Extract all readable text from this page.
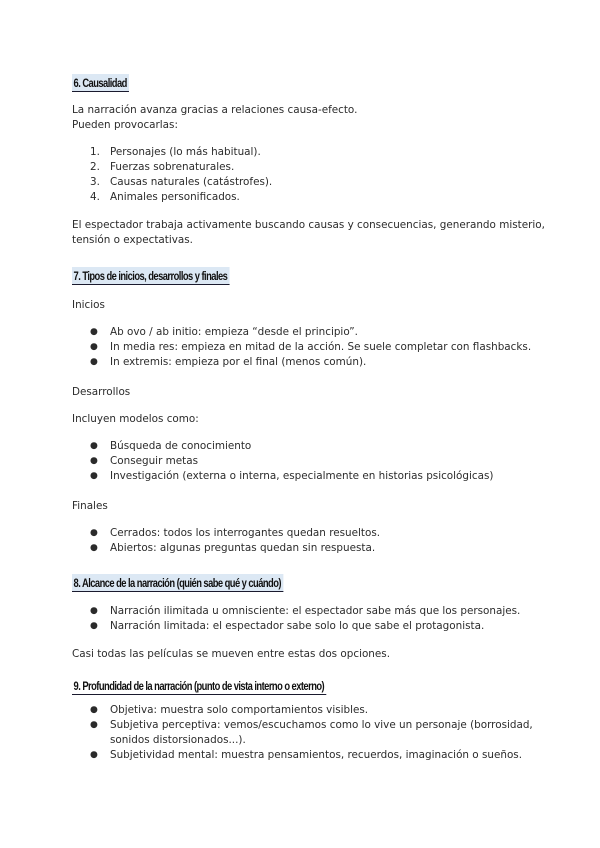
6. Causalidad

La narración avanza gracias a relaciones causa-efecto.

Pueden provocarlas:

1. Personajes (lo más habitual).
2. Fuerzas sobrenaturales.
3. Causas naturales (catástrofes).
4. Animales personificados.

El espectador trabaja activamente buscando causas y consecuencias, generando misterio,

tensión o expectativas.

7. Tipos de inicios, desarrollos y finales

Inicios

●	Ab ovo / ab initio: empieza “desde el principio”.
●	In media res: empieza en mitad de la acción. Se suele completar con flashbacks.
●	In extremis: empieza por el final (menos común).

Desarrollos

Incluyen modelos como:

●	Búsqueda de conocimiento
●	Conseguir metas
●	Investigación (externa o interna, especialmente en historias psicológicas)

Finales

●	Cerrados: todos los interrogantes quedan resueltos.
●	Abiertos: algunas preguntas quedan sin respuesta.
8. Alcance de la narración (quién sabe qué y cuándo)
●	Narración ilimitada u omnisciente: el espectador sabe más que los personajes.
●	Narración limitada: el espectador sabe solo lo que sabe el protagonista.

Casi todas las películas se mueven entre estas dos opciones.

9. Profundidad de la narración (punto de vista interno o externo)
●	Objetiva: muestra solo comportamientos visibles.
●	Subjetiva perceptiva: vemos/escuchamos como lo vive un personaje (borrosidad,
sonidos distorsionados...).
●	Subjetividad mental: muestra pensamientos, recuerdos, imaginación o sueños.
